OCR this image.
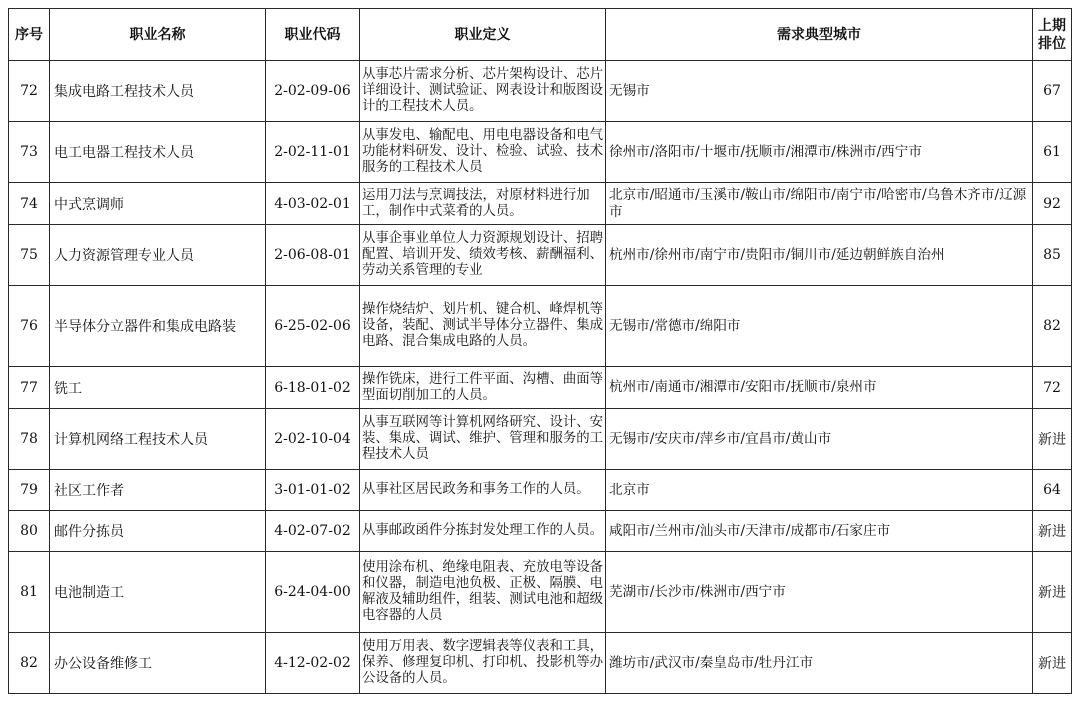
序号	职业名称	职业代码	职业定义	需求典型城市	上期排位
72	集成电路工程技术人员	2-02-09-06	从事芯片需求分析、芯片架构设计、芯片详细设计、测试验证、网表设计和版图设计的工程技术人员。	无锡市	67
73	电工电器工程技术人员	2-02-11-01	从事发电、输配电、用电电器设备和电气功能材料研发、设计、检验、试验、技术服务的工程技术人员	徐州市/洛阳市/十堰市/抚顺市/湘潭市/株洲市/西宁市	61
74	中式烹调师	4-03-02-01	运用刀法与烹调技法，对原材料进行加工，制作中式菜肴的人员。	北京市/昭通市/玉溪市/鞍山市/绵阳市/南宁市/哈密市/乌鲁木齐市/辽源市	92
75	人力资源管理专业人员	2-06-08-01	从事企事业单位人力资源规划设计、招聘配置、培训开发、绩效考核、薪酬福利、劳动关系管理的专业	杭州市/徐州市/南宁市/贵阳市/铜川市/延边朝鲜族自治州	85
76	半导体分立器件和集成电路装	6-25-02-06	操作烧结炉、划片机、键合机、峰焊机等设备，装配、测试半导体分立器件、集成电路、混合集成电路的人员。	无锡市/常德市/绵阳市	82
77	铣工	6-18-01-02	操作铣床，进行工件平面、沟槽、曲面等型面切削加工的人员。	杭州市/南通市/湘潭市/安阳市/抚顺市/泉州市	72
78	计算机网络工程技术人员	2-02-10-04	从事互联网等计算机网络研究、设计、安装、集成、调试、维护、管理和服务的工程技术人员	无锡市/安庆市/萍乡市/宜昌市/黄山市	新进
79	社区工作者	3-01-01-02	从事社区居民政务和事务工作的人员。	北京市	64
80	邮件分拣员	4-02-07-02	从事邮政函件分拣封发处理工作的人员。	咸阳市/兰州市/汕头市/天津市/成都市/石家庄市	新进
81	电池制造工	6-24-04-00	使用涂布机、绝缘电阻表、充放电等设备和仪器，制造电池负极、正极、隔膜、电解液及辅助组件，组装、测试电池和超级电容器的人员	芜湖市/长沙市/株洲市/西宁市	新进
82	办公设备维修工	4-12-02-02	使用万用表、数字逻辑表等仪表和工具，保养、修理复印机、打印机、投影机等办公设备的人员。	潍坊市/武汉市/秦皇岛市/牡丹江市	新进
